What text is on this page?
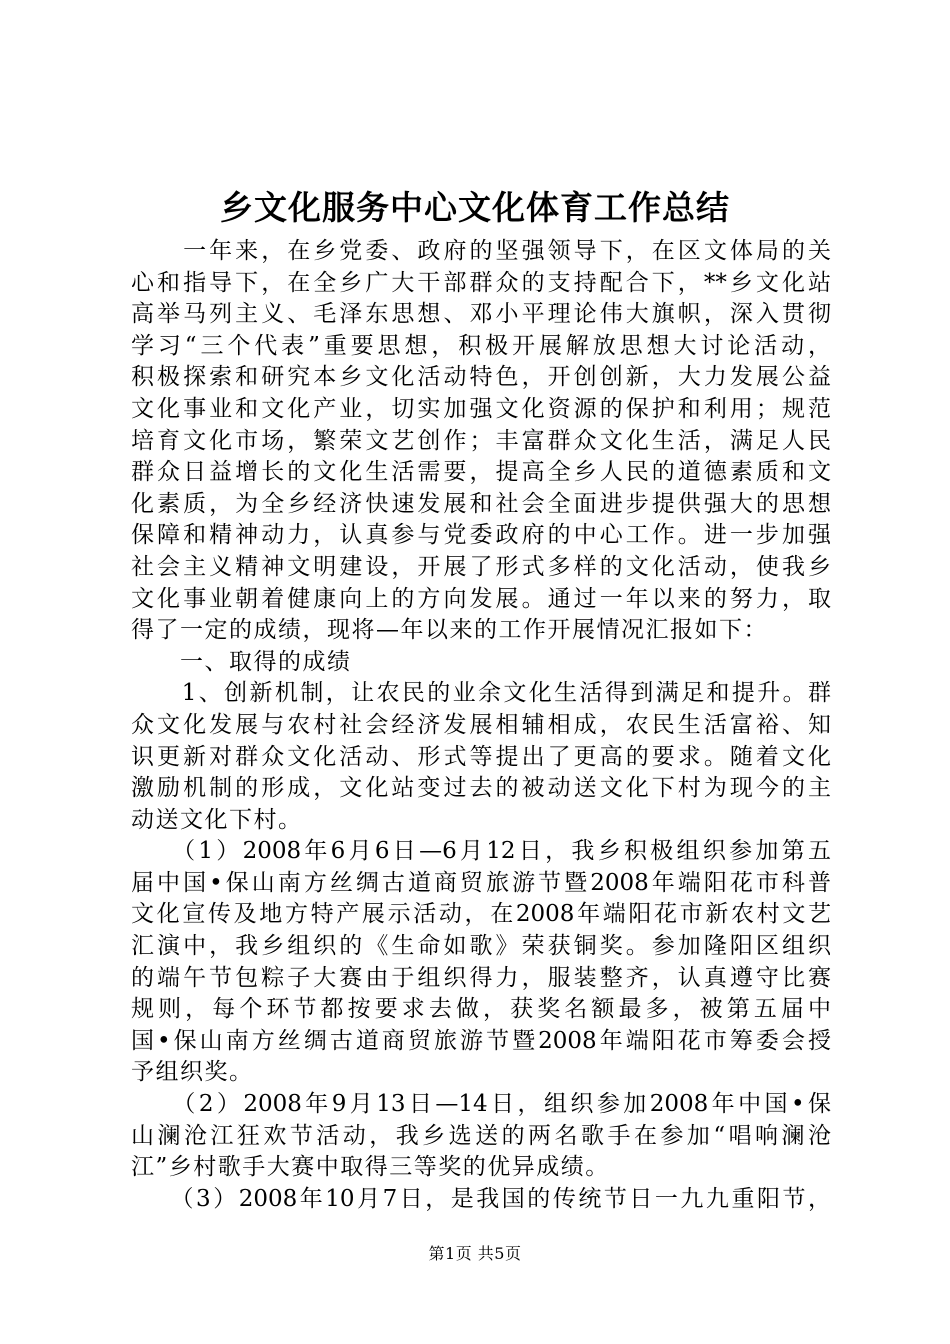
乡文化服务中心文化体育工作总结
　　一年来，在乡党委、政府的坚强领导下，在区文体局的关
心和指导下，在全乡广大干部群众的支持配合下，**乡文化站
高举马列主义、毛泽东思想、邓小平理论伟大旗帜，深入贯彻
学习“三个代表”重要思想，积极开展解放思想大讨论活动，
积极探索和研究本乡文化活动特色，开创创新，大力发展公益
文化事业和文化产业，切实加强文化资源的保护和利用；规范
培育文化市场，繁荣文艺创作；丰富群众文化生活，满足人民
群众日益增长的文化生活需要，提高全乡人民的道德素质和文
化素质，为全乡经济快速发展和社会全面进步提供强大的思想
保障和精神动力，认真参与党委政府的中心工作。进一步加强
社会主义精神文明建设，开展了形式多样的文化活动，使我乡
文化事业朝着健康向上的方向发展。通过一年以来的努力，取
得了一定的成绩，现将—年以来的工作开展情况汇报如下：
　　一、取得的成绩
　　1、创新机制，让农民的业余文化生活得到满足和提升。群
众文化发展与农村社会经济发展相辅相成，农民生活富裕、知
识更新对群众文化活动、形式等提出了更高的要求。随着文化
激励机制的形成，文化站变过去的被动送文化下村为现今的主
动送文化下村。
　　（1）2008年6月6日—6月12日，我乡积极组织参加第五
届中国•保山南方丝绸古道商贸旅游节暨2008年端阳花市科普
文化宣传及地方特产展示活动，在2008年端阳花市新农村文艺
汇演中，我乡组织的《生命如歌》荣获铜奖。参加隆阳区组织
的端午节包粽子大赛由于组织得力，服装整齐，认真遵守比赛
规则，每个环节都按要求去做，获奖名额最多，被第五届中
国•保山南方丝绸古道商贸旅游节暨2008年端阳花市筹委会授
予组织奖。
　　（2）2008年9月13日—14日，组织参加2008年中国•保
山澜沧江狂欢节活动，我乡选送的两名歌手在参加“唱响澜沧
江”乡村歌手大赛中取得三等奖的优异成绩。
　　（3）2008年10月7日，是我国的传统节日一九九重阳节，
第1页 共5页
